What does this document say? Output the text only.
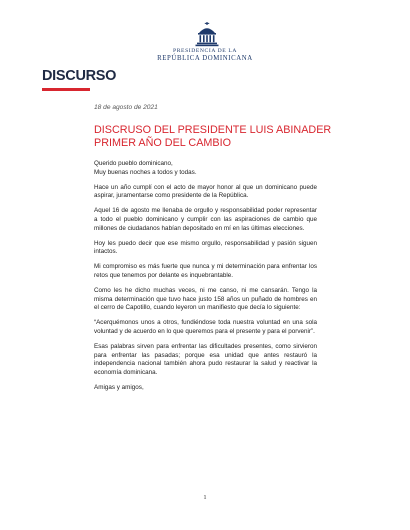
PRESIDENCIA DE LA
REPÚBLICA DOMINICANA
DISCURSO
18 de agosto de 2021
DISCRUSO DEL PRESIDENTE LUIS ABINADER PRIMER AÑO DEL CAMBIO

Querido pueblo dominicano,
Muy buenas noches a todos y todas.

Hace un año cumplí con el acto de mayor honor al que un dominicano puede aspirar, juramentarse como presidente de la República.

Aquel 16 de agosto me llenaba de orgullo y responsabilidad poder representar a todo el pueblo dominicano y cumplir con las aspiraciones de cambio que millones de ciudadanos habían depositado en mí en las últimas elecciones.

Hoy les puedo decir que ese mismo orgullo, responsabilidad y pasión siguen intactos.

Mi compromiso es más fuerte que nunca y mi determinación para enfrentar los retos que tenemos por delante es inquebrantable.

Como les he dicho muchas veces, ni me canso, ni me cansarán. Tengo la misma determinación que tuvo hace justo 158 años un puñado de hombres en el cerro de Capotillo, cuando leyeron un manifiesto que decía lo siguiente:

“Acerquémonos unos a otros, fundiéndose toda nuestra voluntad en una sola voluntad y de acuerdo en lo que queremos para el presente y para el porvenir”.

Esas palabras sirven para enfrentar las dificultades presentes, como sirvieron para enfrentar las pasadas; porque esa unidad que antes restauró la independencia nacional también ahora pudo restaurar la salud y reactivar la economía dominicana.

Amigas y amigos,

1
